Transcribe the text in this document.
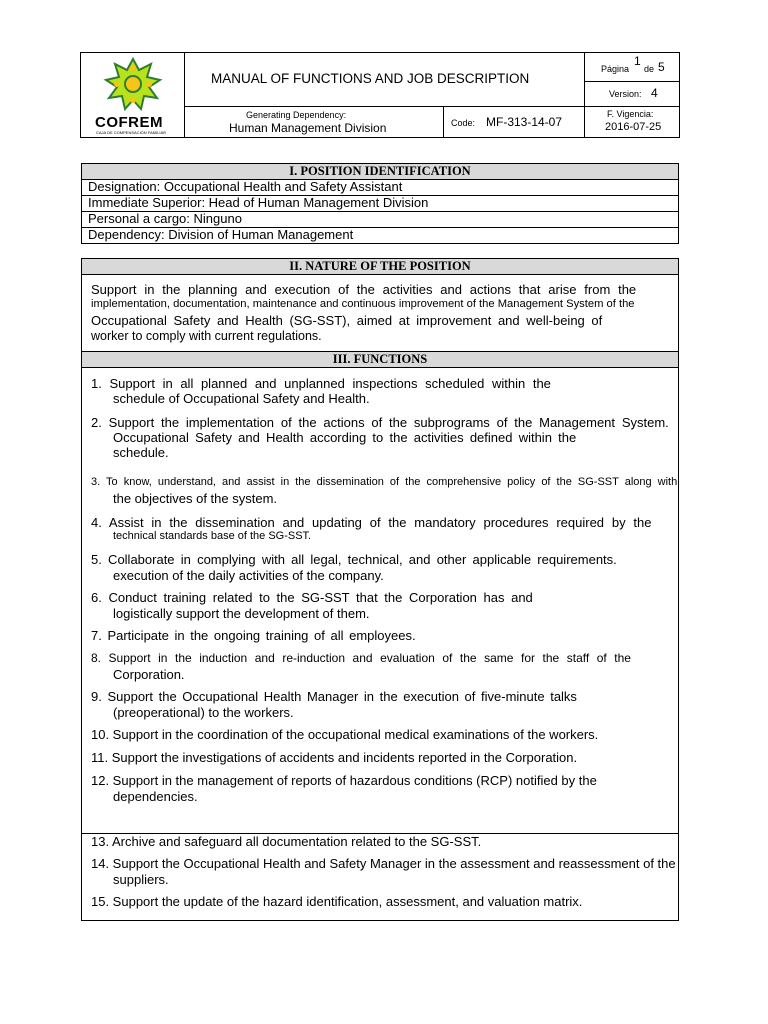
COFREM
CAJA DE COMPENSACIÓN FAMILIAR
MANUAL OF FUNCTIONS AND JOB DESCRIPTION
Página
1
de 5
Version: 4
Generating Dependency:
Human Management Division	Code: MF-313-14-07
F. Vigencia:
2016-07-25
I. POSITION IDENTIFICATION
Designation: Occupational Health and Safety Assistant
Immediate Superior: Head of Human Management Division
Personal a cargo: Ninguno
Dependency: Division of Human Management
II. NATURE OF THE POSITION
Support in the planning and execution of the activities and actions that arise from the
implementation, documentation, maintenance and continuous improvement of the Management System of the
Occupational Safety and Health (SG-SST), aimed at improvement and well-being of
worker to comply with current regulations.
III. FUNCTIONS
1. Support in all planned and unplanned inspections scheduled within the
schedule of Occupational Safety and Health.
2. Support the implementation of the actions of the subprograms of the Management System.
Occupational Safety and Health according to the activities defined within the
schedule.
3. To know, understand, and assist in the dissemination of the comprehensive policy of the SG-SST along with
the objectives of the system.
4. Assist in the dissemination and updating of the mandatory procedures required by the
technical standards base of the SG-SST.
5. Collaborate in complying with all legal, technical, and other applicable requirements.
execution of the daily activities of the company.
6. Conduct training related to the SG-SST that the Corporation has and
logistically support the development of them.
7. Participate in the ongoing training of all employees.
8. Support in the induction and re-induction and evaluation of the same for the staff of the
Corporation.
9. Support the Occupational Health Manager in the execution of five-minute talks
(preoperational) to the workers.
10. Support in the coordination of the occupational medical examinations of the workers.
11. Support the investigations of accidents and incidents reported in the Corporation.
12. Support in the management of reports of hazardous conditions (RCP) notified by the
dependencies.
13. Archive and safeguard all documentation related to the SG-SST.
14. Support the Occupational Health and Safety Manager in the assessment and reassessment of the
suppliers.
15. Support the update of the hazard identification, assessment, and valuation matrix.
